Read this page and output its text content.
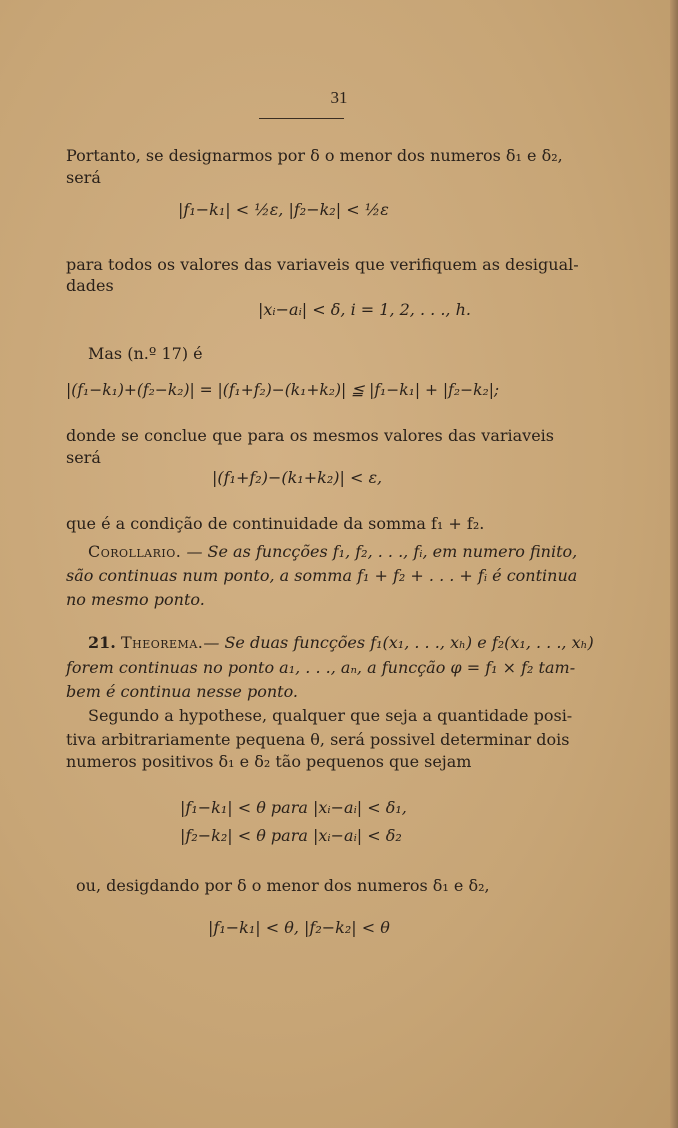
31
Portanto, se designarmos por δ o menor dos numeros δ₁ e δ₂,
será
|f₁−k₁| < ½ε, |f₂−k₂| < ½ε
para todos os valores das variaveis que verifiquem as desigual-
dades
|xᵢ−aᵢ| < δ, i = 1, 2, . . ., h.
Mas (n.º 17) é
|(f₁−k₁)+(f₂−k₂)| = |(f₁+f₂)−(k₁+k₂)| ≦ |f₁−k₁| + |f₂−k₂|;
donde se conclue que para os mesmos valores das variaveis
será
|(f₁+f₂)−(k₁+k₂)| < ε,
que é a condição de continuidade da somma f₁ + f₂.
Corollario. — Se as funcções f₁, f₂, . . ., fᵢ, em numero finito,
são continuas num ponto, a somma f₁ + f₂ + . . . + fᵢ é continua
no mesmo ponto.
21. Theorema.— Se duas funcções f₁(x₁, . . ., xₕ) e f₂(x₁, . . ., xₕ)
forem continuas no ponto a₁, . . ., aₙ, a funcção φ = f₁ × f₂ tam-
bem é continua nesse ponto.
Segundo a hypothese, qualquer que seja a quantidade posi-
tiva arbitrariamente pequena θ, será possivel determinar dois
numeros positivos δ₁ e δ₂ tão pequenos que sejam
|f₁−k₁| < θ para |xᵢ−aᵢ| < δ₁,
|f₂−k₂| < θ para |xᵢ−aᵢ| < δ₂
ou, desigdando por δ o menor dos numeros δ₁ e δ₂,
|f₁−k₁| < θ, |f₂−k₂| < θ
